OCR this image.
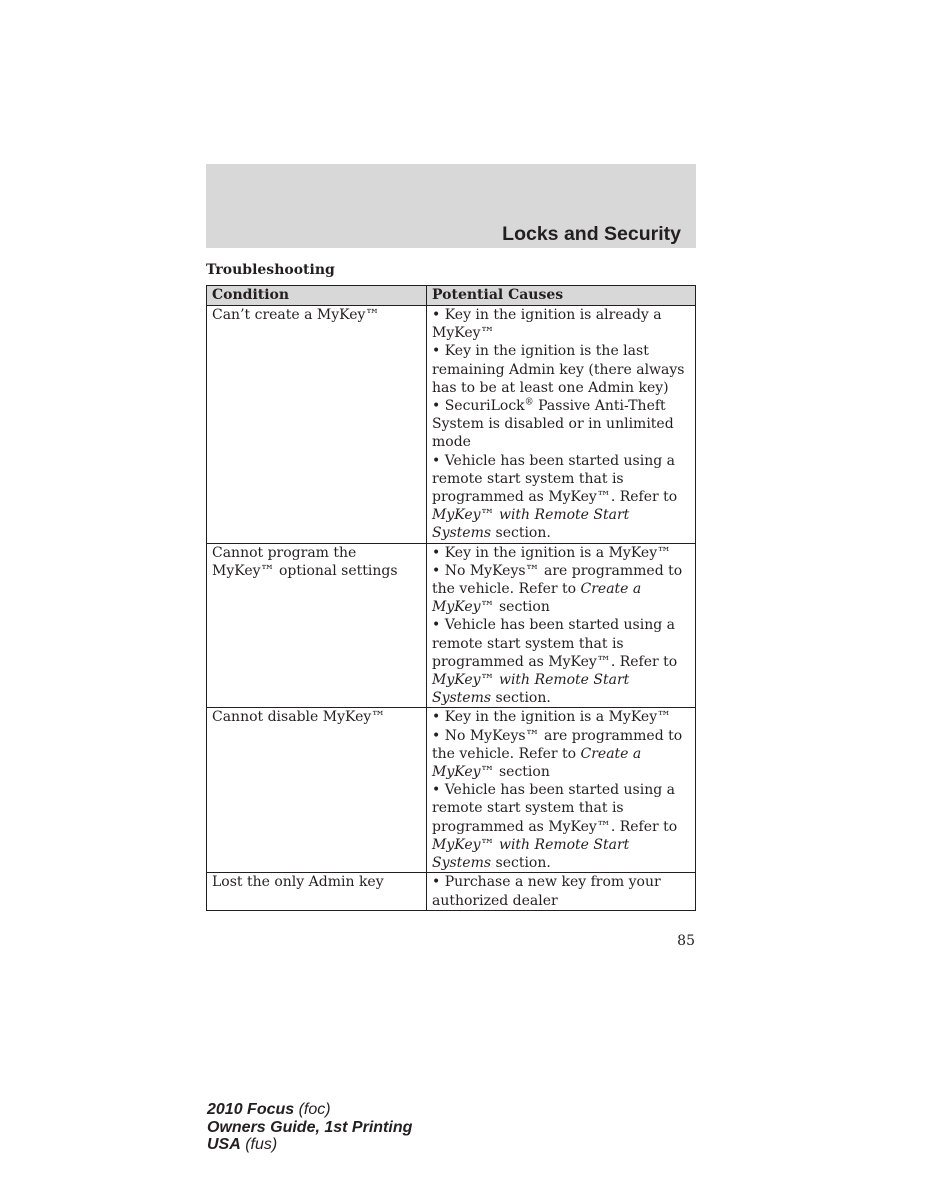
Locks and Security
Troubleshooting
Condition	Potential Causes
Can’t create a MyKey™	• Key in the ignition is already a MyKey™
• Key in the ignition is the last remaining Admin key (there always has to be at least one Admin key)
• SecuriLock® Passive Anti-Theft System is disabled or in unlimited mode
• Vehicle has been started using a remote start system that is programmed as MyKey™. Refer to MyKey™ with Remote Start Systems section.

Cannot program the MyKey™ optional settings	• Key in the ignition is a MyKey™
• No MyKeys™ are programmed to the vehicle. Refer to Create a MyKey™ section
• Vehicle has been started using a remote start system that is programmed as MyKey™. Refer to MyKey™ with Remote Start Systems section.

Cannot disable MyKey™	• Key in the ignition is a MyKey™
• No MyKeys™ are programmed to the vehicle. Refer to Create a MyKey™ section
• Vehicle has been started using a remote start system that is programmed as MyKey™. Refer to MyKey™ with Remote Start Systems section.

Lost the only Admin key	• Purchase a new key from your authorized dealer
85
2010 Focus (foc)
Owners Guide, 1st Printing
USA (fus)
